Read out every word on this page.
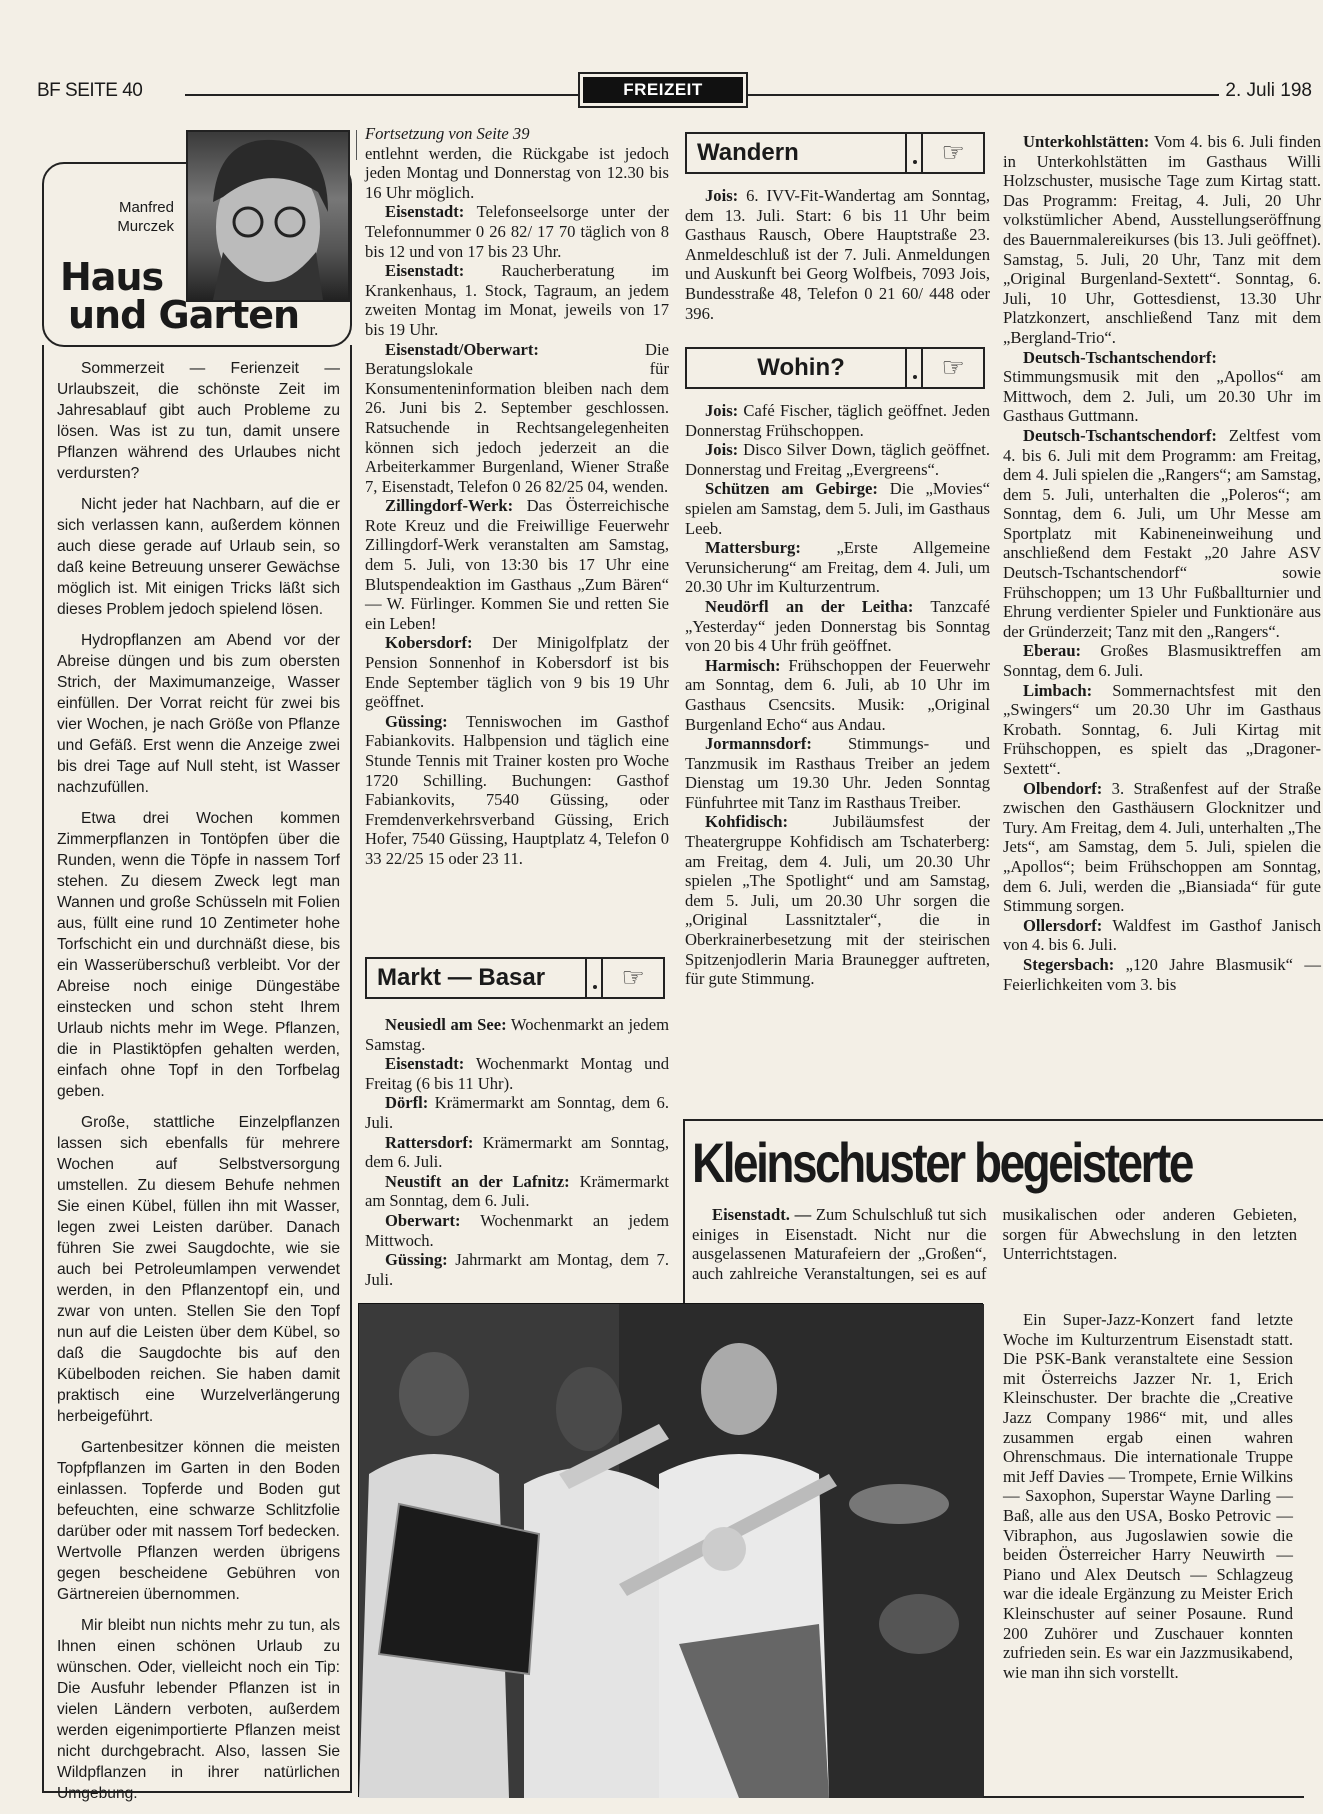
BF SEITE 40	FREIZEIT	2. Juli 198
Manfred Murczek
Haus
und Garten

Sommerzeit — Ferienzeit — Urlaubszeit, die schönste Zeit im Jahresablauf gibt auch Probleme zu lösen. Was ist zu tun, damit unsere Pflanzen während des Urlaubes nicht verdursten?

Nicht jeder hat Nachbarn, auf die er sich verlassen kann, außerdem können auch diese gerade auf Urlaub sein, so daß keine Betreuung unserer Gewächse möglich ist. Mit einigen Tricks läßt sich dieses Problem jedoch spielend lösen.

Hydropflanzen am Abend vor der Abreise düngen und bis zum obersten Strich, der Maximumanzeige, Wasser einfüllen. Der Vorrat reicht für zwei bis vier Wochen, je nach Größe von Pflanze und Gefäß. Erst wenn die Anzeige zwei bis drei Tage auf Null steht, ist Wasser nachzufüllen.

Etwa drei Wochen kommen Zimmerpflanzen in Tontöpfen über die Runden, wenn die Töpfe in nassem Torf stehen. Zu diesem Zweck legt man Wannen und große Schüsseln mit Folien aus, füllt eine rund 10 Zentimeter hohe Torfschicht ein und durchnäßt diese, bis ein Wasserüberschuß verbleibt. Vor der Abreise noch einige Düngestäbe einstecken und schon steht Ihrem Urlaub nichts mehr im Wege. Pflanzen, die in Plastiktöpfen gehalten werden, einfach ohne Topf in den Torfbelag geben.

Große, stattliche Einzelpflanzen lassen sich ebenfalls für mehrere Wochen auf Selbstversorgung umstellen. Zu diesem Behufe nehmen Sie einen Kübel, füllen ihn mit Wasser, legen zwei Leisten darüber. Danach führen Sie zwei Saugdochte, wie sie auch bei Petroleumlampen verwendet werden, in den Pflanzentopf ein, und zwar von unten. Stellen Sie den Topf nun auf die Leisten über dem Kübel, so daß die Saugdochte bis auf den Kübelboden reichen. Sie haben damit praktisch eine Wurzelverlängerung herbeigeführt.

Gartenbesitzer können die meisten Topfpflanzen im Garten in den Boden einlassen. Topferde und Boden gut befeuchten, eine schwarze Schlitzfolie darüber oder mit nassem Torf bedecken. Wertvolle Pflanzen werden übrigens gegen bescheidene Gebühren von Gärtnereien übernommen.

Mir bleibt nun nichts mehr zu tun, als Ihnen einen schönen Urlaub zu wünschen. Oder, vielleicht noch ein Tip: Die Ausfuhr lebender Pflanzen ist in vielen Ländern verboten, außerdem werden eigenimportierte Pflanzen meist nicht durchgebracht. Also, lassen Sie Wildpflanzen in ihrer natürlichen Umgebung.

Fortsetzung von Seite 39

entlehnt werden, die Rückgabe ist jedoch jeden Montag und Donnerstag von 12.30 bis 16 Uhr möglich.

Eisenstadt: Telefonseelsorge unter der Telefonnummer 0 26 82/ 17 70 täglich von 8 bis 12 und von 17 bis 23 Uhr.

Eisenstadt: Raucherberatung im Krankenhaus, 1. Stock, Tagraum, an jedem zweiten Montag im Monat, jeweils von 17 bis 19 Uhr.

Eisenstadt/Oberwart: Die Beratungslokale für Konsumenteninformation bleiben nach dem 26. Juni bis 2. September geschlossen. Ratsuchende in Rechtsangelegenheiten können sich jedoch jederzeit an die Arbeiterkammer Burgenland, Wiener Straße 7, Eisenstadt, Telefon 0 26 82/25 04, wenden.

Zillingdorf-Werk: Das Österreichische Rote Kreuz und die Freiwillige Feuerwehr Zillingdorf-Werk veranstalten am Samstag, dem 5. Juli, von 13:30 bis 17 Uhr eine Blutspendeaktion im Gasthaus „Zum Bären“ — W. Fürlinger. Kommen Sie und retten Sie ein Leben!

Kobersdorf: Der Minigolfplatz der Pension Sonnenhof in Kobersdorf ist bis Ende September täglich von 9 bis 19 Uhr geöffnet.

Güssing: Tenniswochen im Gasthof Fabiankovits. Halbpension und täglich eine Stunde Tennis mit Trainer kosten pro Woche 1720 Schilling. Buchungen: Gasthof Fabiankovits, 7540 Güssing, oder Fremdenverkehrsverband Güssing, Erich Hofer, 7540 Güssing, Hauptplatz 4, Telefon 0 33 22/25 15 oder 23 11.

Markt — Basar	☞

Neusiedl am See: Wochenmarkt an jedem Samstag.

Eisenstadt: Wochenmarkt Montag und Freitag (6 bis 11 Uhr).

Dörfl: Krämermarkt am Sonntag, dem 6. Juli.

Rattersdorf: Krämermarkt am Sonntag, dem 6. Juli.

Neustift an der Lafnitz: Krämermarkt am Sonntag, dem 6. Juli.

Oberwart: Wochenmarkt an jedem Mittwoch.

Güssing: Jahrmarkt am Montag, dem 7. Juli.

Wandern	☞

Jois: 6. IVV-Fit-Wandertag am Sonntag, dem 13. Juli. Start: 6 bis 11 Uhr beim Gasthaus Rausch, Obere Hauptstraße 23. Anmeldeschluß ist der 7. Juli. Anmeldungen und Auskunft bei Georg Wolfbeis, 7093 Jois, Bundesstraße 48, Telefon 0 21 60/ 448 oder 396.

Wohin?	☞

Jois: Café Fischer, täglich geöffnet. Jeden Donnerstag Frühschoppen.

Jois: Disco Silver Down, täglich geöffnet. Donnerstag und Freitag „Evergreens“.

Schützen am Gebirge: Die „Movies“ spielen am Samstag, dem 5. Juli, im Gasthaus Leeb.

Mattersburg: „Erste Allgemeine Verunsicherung“ am Freitag, dem 4. Juli, um 20.30 Uhr im Kulturzentrum.

Neudörfl an der Leitha: Tanzcafé „Yesterday“ jeden Donnerstag bis Sonntag von 20 bis 4 Uhr früh geöffnet.

Harmisch: Frühschoppen der Feuerwehr am Sonntag, dem 6. Juli, ab 10 Uhr im Gasthaus Csencsits. Musik: „Original Burgenland Echo“ aus Andau.

Jormannsdorf: Stimmungs- und Tanzmusik im Rasthaus Treiber an jedem Dienstag um 19.30 Uhr. Jeden Sonntag Fünfuhrtee mit Tanz im Rasthaus Treiber.

Kohfidisch: Jubiläumsfest der Theatergruppe Kohfidisch am Tschaterberg: am Freitag, dem 4. Juli, um 20.30 Uhr spielen „The Spotlight“ und am Samstag, dem 5. Juli, um 20.30 Uhr sorgen die „Original Lassnitztaler“, die in Oberkrainerbesetzung mit der steirischen Spitzenjodlerin Maria Braunegger auftreten, für gute Stimmung.

Unterkohlstätten: Vom 4. bis 6. Juli finden in Unterkohlstätten im Gasthaus Willi Holzschuster, musische Tage zum Kirtag statt. Das Programm: Freitag, 4. Juli, 20 Uhr volkstümlicher Abend, Ausstellungseröffnung des Bauernmalereikurses (bis 13. Juli geöffnet). Samstag, 5. Juli, 20 Uhr, Tanz mit dem „Original Burgenland-Sextett“. Sonntag, 6. Juli, 10 Uhr, Gottesdienst, 13.30 Uhr Platzkonzert, anschließend Tanz mit dem „Bergland-Trio“.

Deutsch-Tschantschendorf: Stimmungsmusik mit den „Apollos“ am Mittwoch, dem 2. Juli, um 20.30 Uhr im Gasthaus Guttmann.

Deutsch-Tschantschendorf: Zeltfest vom 4. bis 6. Juli mit dem Programm: am Freitag, dem 4. Juli spielen die „Rangers“; am Samstag, dem 5. Juli, unterhalten die „Poleros“; am Sonntag, dem 6. Juli, um Uhr Messe am Sportplatz mit Kabineneinweihung und anschließend dem Festakt „20 Jahre ASV Deutsch-Tschantschendorf“ sowie Frühschoppen; um 13 Uhr Fußballturnier und Ehrung verdienter Spieler und Funktionäre aus der Gründerzeit; Tanz mit den „Rangers“.

Eberau: Großes Blasmusiktreffen am Sonntag, dem 6. Juli.

Limbach: Sommernachtsfest mit den „Swingers“ um 20.30 Uhr im Gasthaus Krobath. Sonntag, 6. Juli Kirtag mit Frühschoppen, es spielt das „Dragoner-Sextett“.

Olbendorf: 3. Straßenfest auf der Straße zwischen den Gasthäusern Glocknitzer und Tury. Am Freitag, dem 4. Juli, unterhalten „The Jets“, am Samstag, dem 5. Juli, spielen die „Apollos“; beim Frühschoppen am Sonntag, dem 6. Juli, werden die „Biansiada“ für gute Stimmung sorgen.

Ollersdorf: Waldfest im Gasthof Janisch von 4. bis 6. Juli.

Stegersbach: „120 Jahre Blasmusik“ — Feierlichkeiten vom 3. bis

Kleinschuster begeisterte

Eisenstadt. — Zum Schulschluß tut sich einiges in Eisenstadt. Nicht nur die ausgelassenen Maturafeiern der „Großen“, auch zahlreiche Veranstaltungen, sei es auf musikalischen oder anderen Gebieten, sorgen für Abwechslung in den letzten Unterrichtstagen.

Ein Super-Jazz-Konzert fand letzte Woche im Kulturzentrum Eisenstadt statt. Die PSK-Bank veranstaltete eine Session mit Österreichs Jazzer Nr. 1, Erich Kleinschuster. Der brachte die „Creative Jazz Company 1986“ mit, und alles zusammen ergab einen wahren Ohrenschmaus. Die internationale Truppe mit Jeff Davies — Trompete, Ernie Wilkins — Saxophon, Superstar Wayne Darling — Baß, alle aus den USA, Bosko Petrovic — Vibraphon, aus Jugoslawien sowie die beiden Österreicher Harry Neuwirth — Piano und Alex Deutsch — Schlagzeug war die ideale Ergänzung zu Meister Erich Kleinschuster auf seiner Posaune. Rund 200 Zuhörer und Zuschauer konnten zufrieden sein. Es war ein Jazzmusikabend, wie man ihn sich vorstellt.
